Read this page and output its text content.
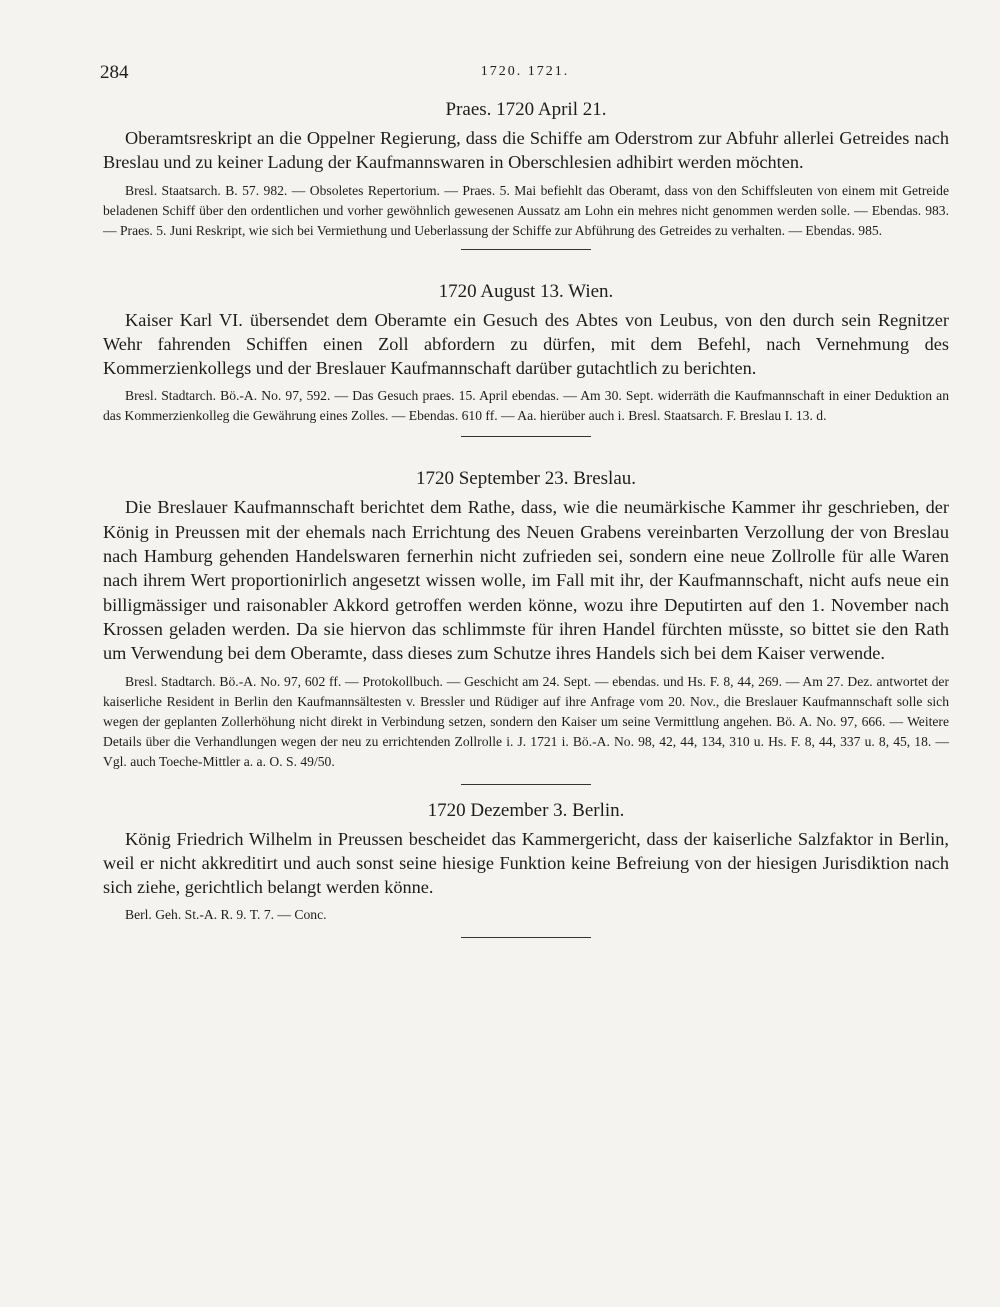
284	1720. 1721.
Praes. 1720 April 21.

Oberamtsreskript an die Oppelner Regierung, dass die Schiffe am Oderstrom zur Abfuhr allerlei Getreides nach Breslau und zu keiner Ladung der Kaufmannswaren in Oberschlesien adhibirt werden möchten.

Bresl. Staatsarch. B. 57. 982. — Obsoletes Repertorium. — Praes. 5. Mai befiehlt das Oberamt, dass von den Schiffsleuten von einem mit Getreide beladenen Schiff über den ordentlichen und vorher gewöhnlich gewesenen Aussatz am Lohn ein mehres nicht genommen werden solle. — Ebendas. 983. — Praes. 5. Juni Reskript, wie sich bei Vermiethung und Ueberlassung der Schiffe zur Abführung des Getreides zu verhalten. — Ebendas. 985.

1720 August 13. Wien.

Kaiser Karl VI. übersendet dem Oberamte ein Gesuch des Abtes von Leubus, von den durch sein Regnitzer Wehr fahrenden Schiffen einen Zoll abfordern zu dürfen, mit dem Befehl, nach Vernehmung des Kommerzienkollegs und der Breslauer Kaufmannschaft darüber gutachtlich zu berichten.

Bresl. Stadtarch. Bö.-A. No. 97, 592. — Das Gesuch praes. 15. April ebendas. — Am 30. Sept. widerräth die Kaufmannschaft in einer Deduktion an das Kommerzienkolleg die Gewährung eines Zolles. — Ebendas. 610 ff. — Aa. hierüber auch i. Bresl. Staatsarch. F. Breslau I. 13. d.

1720 September 23. Breslau.

Die Breslauer Kaufmannschaft berichtet dem Rathe, dass, wie die neumärkische Kammer ihr geschrieben, der König in Preussen mit der ehemals nach Errichtung des Neuen Grabens vereinbarten Verzollung der von Breslau nach Hamburg gehenden Handelswaren fernerhin nicht zufrieden sei, sondern eine neue Zollrolle für alle Waren nach ihrem Wert proportionirlich angesetzt wissen wolle, im Fall mit ihr, der Kaufmannschaft, nicht aufs neue ein billigmässiger und raisonabler Akkord getroffen werden könne, wozu ihre Deputirten auf den 1. November nach Krossen geladen werden. Da sie hiervon das schlimmste für ihren Handel fürchten müsste, so bittet sie den Rath um Verwendung bei dem Oberamte, dass dieses zum Schutze ihres Handels sich bei dem Kaiser verwende.

Bresl. Stadtarch. Bö.-A. No. 97, 602 ff. — Protokollbuch. — Geschicht am 24. Sept. — ebendas. und Hs. F. 8, 44, 269. — Am 27. Dez. antwortet der kaiserliche Resident in Berlin den Kaufmannsältesten v. Bressler und Rüdiger auf ihre Anfrage vom 20. Nov., die Breslauer Kaufmannschaft solle sich wegen der geplanten Zollerhöhung nicht direkt in Verbindung setzen, sondern den Kaiser um seine Vermittlung angehen. Bö. A. No. 97, 666. — Weitere Details über die Verhandlungen wegen der neu zu errichtenden Zollrolle i. J. 1721 i. Bö.-A. No. 98, 42, 44, 134, 310 u. Hs. F. 8, 44, 337 u. 8, 45, 18. — Vgl. auch Toeche-Mittler a. a. O. S. 49/50.

1720 Dezember 3. Berlin.

König Friedrich Wilhelm in Preussen bescheidet das Kammergericht, dass der kaiserliche Salzfaktor in Berlin, weil er nicht akkreditirt und auch sonst seine hiesige Funktion keine Befreiung von der hiesigen Jurisdiktion nach sich ziehe, gerichtlich belangt werden könne.

Berl. Geh. St.-A. R. 9. T. 7. — Conc.
